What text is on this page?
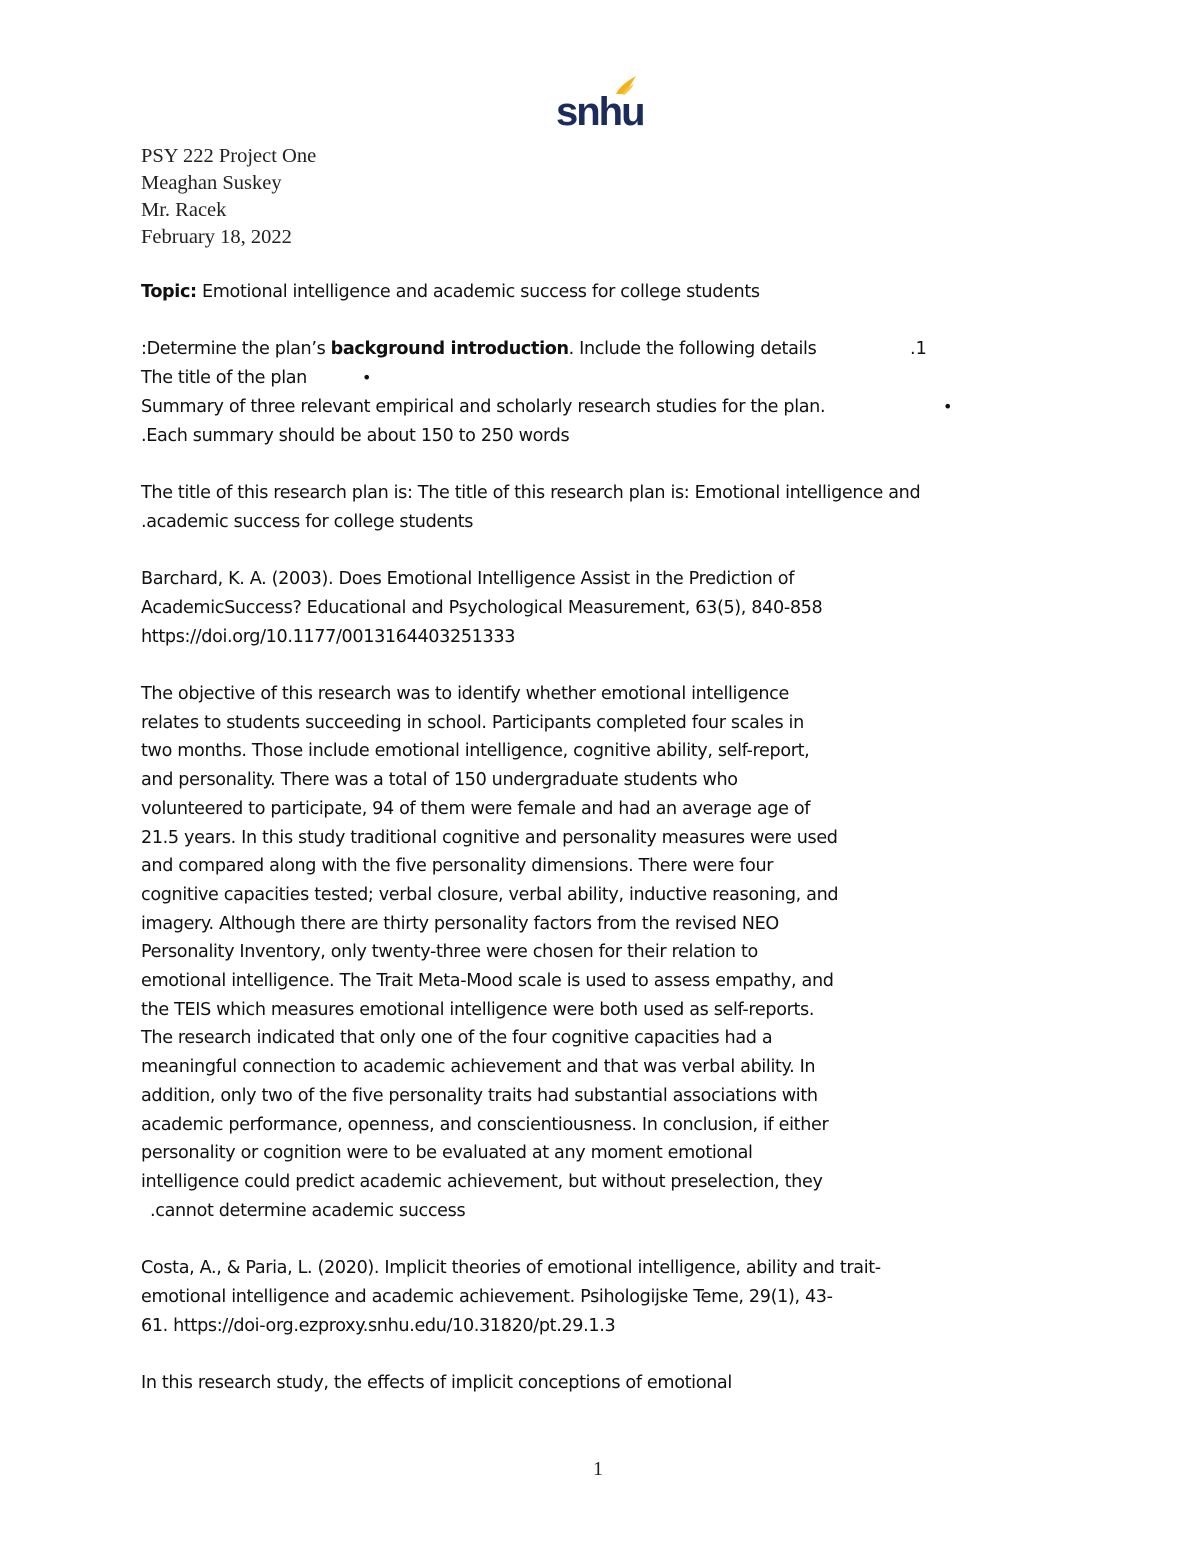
snhu
PSY 222 Project One
Meaghan Suskey
Mr. Racek
February 18, 2022
Topic: Emotional intelligence and academic success for college students
:Determine the plan’s background introduction. Include the following details	.1
The title of the plan	•
Summary of three relevant empirical and scholarly research studies for the plan.	•
.Each summary should be about 150 to 250 words
The title of this research plan is: The title of this research plan is: Emotional intelligence and
.academic success for college students
Barchard, K. A. (2003). Does Emotional Intelligence Assist in the Prediction of
AcademicSuccess? Educational and Psychological Measurement, 63(5), 840-858
https://doi.org/10.1177/0013164403251333
The objective of this research was to identify whether emotional intelligence
relates to students succeeding in school. Participants completed four scales in
two months. Those include emotional intelligence, cognitive ability, self-report,
and personality. There was a total of 150 undergraduate students who
volunteered to participate, 94 of them were female and had an average age of
21.5 years. In this study traditional cognitive and personality measures were used
and compared along with the five personality dimensions. There were four
cognitive capacities tested; verbal closure, verbal ability, inductive reasoning, and
imagery. Although there are thirty personality factors from the revised NEO
Personality Inventory, only twenty-three were chosen for their relation to
emotional intelligence. The Trait Meta-Mood scale is used to assess empathy, and
the TEIS which measures emotional intelligence were both used as self-reports.
The research indicated that only one of the four cognitive capacities had a
meaningful connection to academic achievement and that was verbal ability. In
addition, only two of the five personality traits had substantial associations with
academic performance, openness, and conscientiousness. In conclusion, if either
personality or cognition were to be evaluated at any moment emotional
intelligence could predict academic achievement, but without preselection, they
.cannot determine academic success
Costa, A., & Paria, L. (2020). Implicit theories of emotional intelligence, ability and trait-
emotional intelligence and academic achievement. Psihologijske Teme, 29(1), 43-
61. https://doi-org.ezproxy.snhu.edu/10.31820/pt.29.1.3
In this research study, the effects of implicit conceptions of emotional
1
